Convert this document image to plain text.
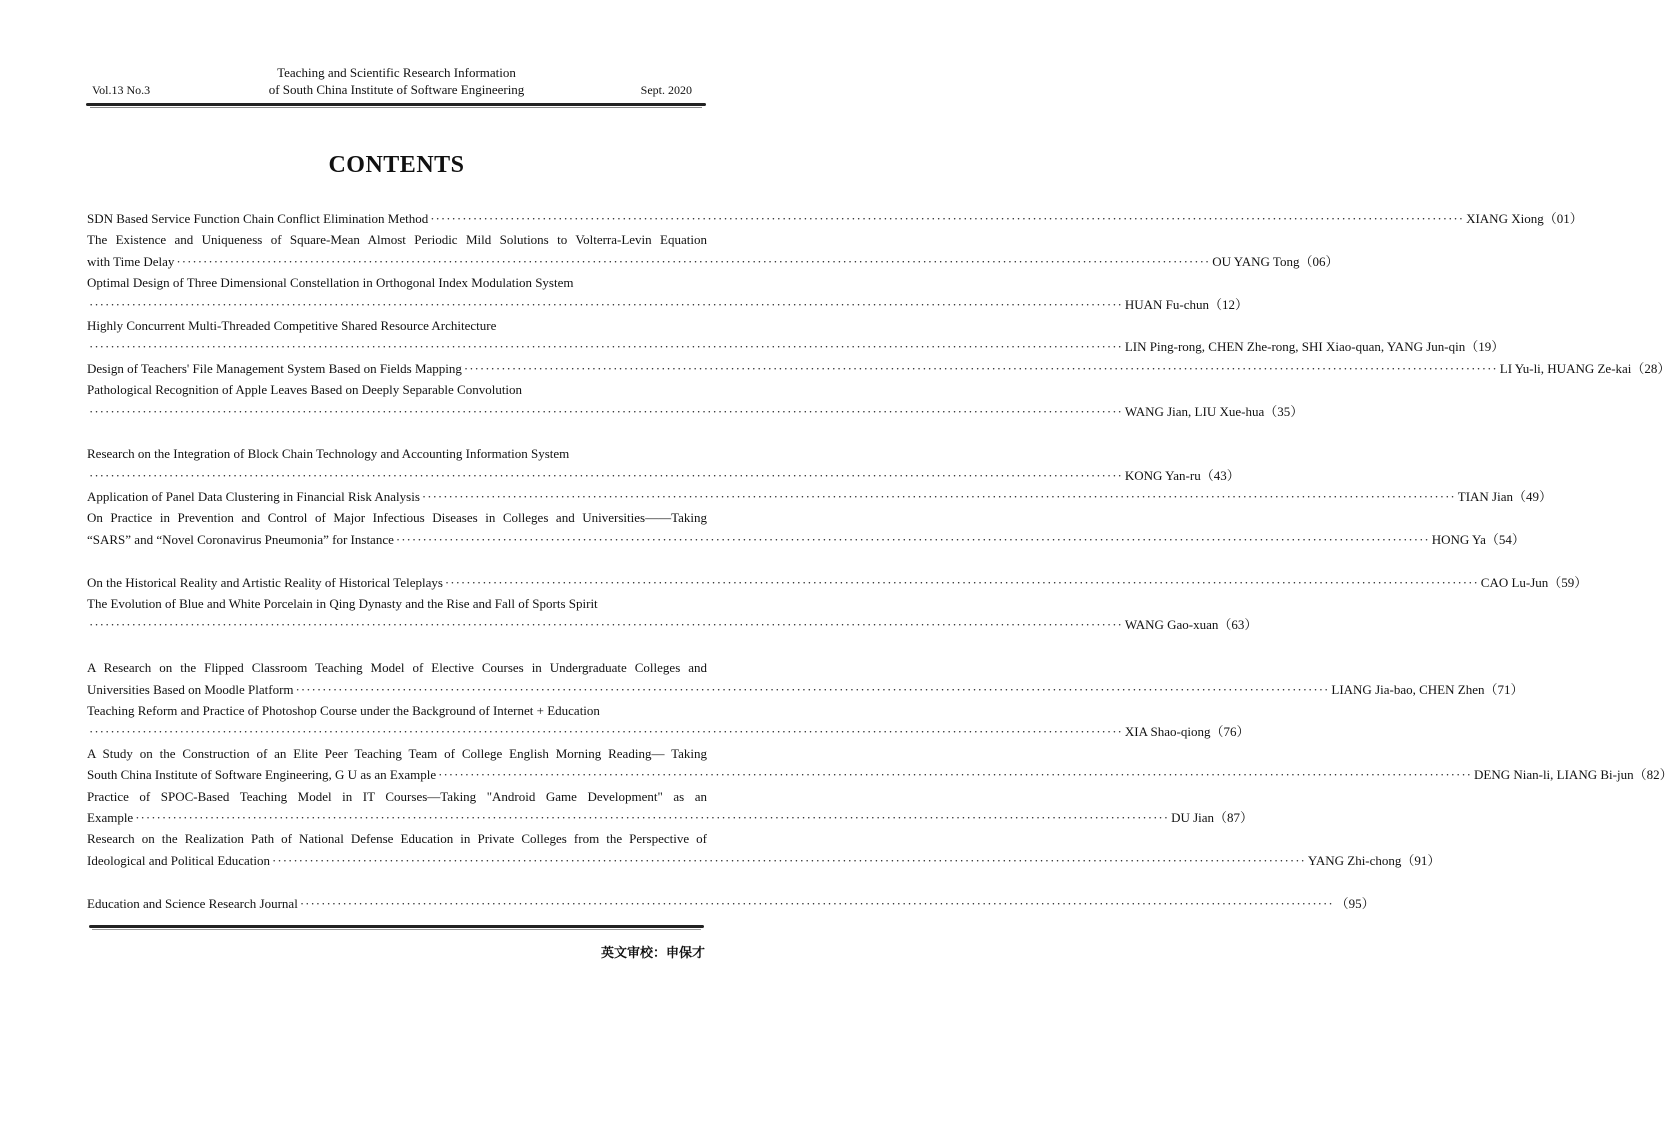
Teaching and Scientific Research Information
of South China Institute of Software Engineering
Vol.13 No.3	Sept. 2020
CONTENTS
SDN Based Service Function Chain Conflict Elimination Method ·································································································································································································· XIANG Xiong（01）
The Existence and Uniqueness of Square-Mean Almost Periodic Mild Solutions to Volterra-Levin Equation
with Time Delay ·································································································································································································· OU YANG Tong（06）
Optimal Design of Three Dimensional Constellation in Orthogonal Index Modulation System
·································································································································································································· HUAN Fu-chun（12）
Highly Concurrent Multi-Threaded Competitive Shared Resource Architecture
·································································································································································································· LIN Ping-rong, CHEN Zhe-rong, SHI Xiao-quan, YANG Jun-qin（19）
Design of Teachers' File Management System Based on Fields Mapping ·································································································································································································· LI Yu-li, HUANG Ze-kai（28）
Pathological Recognition of Apple Leaves Based on Deeply Separable Convolution
·································································································································································································· WANG Jian, LIU Xue-hua（35）
Research on the Integration of Block Chain Technology and Accounting Information System
·································································································································································································· KONG Yan-ru（43）
Application of Panel Data Clustering in Financial Risk Analysis ·································································································································································································· TIAN Jian（49）
On Practice in Prevention and Control of Major Infectious Diseases in Colleges and Universities——Taking
“SARS” and “Novel Coronavirus Pneumonia” for Instance ·································································································································································································· HONG Ya（54）
On the Historical Reality and Artistic Reality of Historical Teleplays ·································································································································································································· CAO Lu-Jun（59）
The Evolution of Blue and White Porcelain in Qing Dynasty and the Rise and Fall of Sports Spirit
·································································································································································································· WANG Gao-xuan（63）
A Research on the Flipped Classroom Teaching Model of Elective Courses in Undergraduate Colleges and
Universities Based on Moodle Platform ·································································································································································································· LIANG Jia-bao, CHEN Zhen（71）
Teaching Reform and Practice of Photoshop Course under the Background of Internet + Education
·································································································································································································· XIA Shao-qiong（76）
A Study on the Construction of an Elite Peer Teaching Team of College English Morning Reading— Taking
South China Institute of Software Engineering, G U as an Example ·································································································································································································· DENG Nian-li, LIANG Bi-jun（82）
Practice of SPOC-Based Teaching Model in IT Courses—Taking "Android Game Development" as an
Example ·································································································································································································· DU Jian（87）
Research on the Realization Path of National Defense Education in Private Colleges from the Perspective of
Ideological and Political Education ·································································································································································································· YANG Zhi-chong（91）
Education and Science Research Journal ·································································································································································································· （95）
英文审校：申保才
